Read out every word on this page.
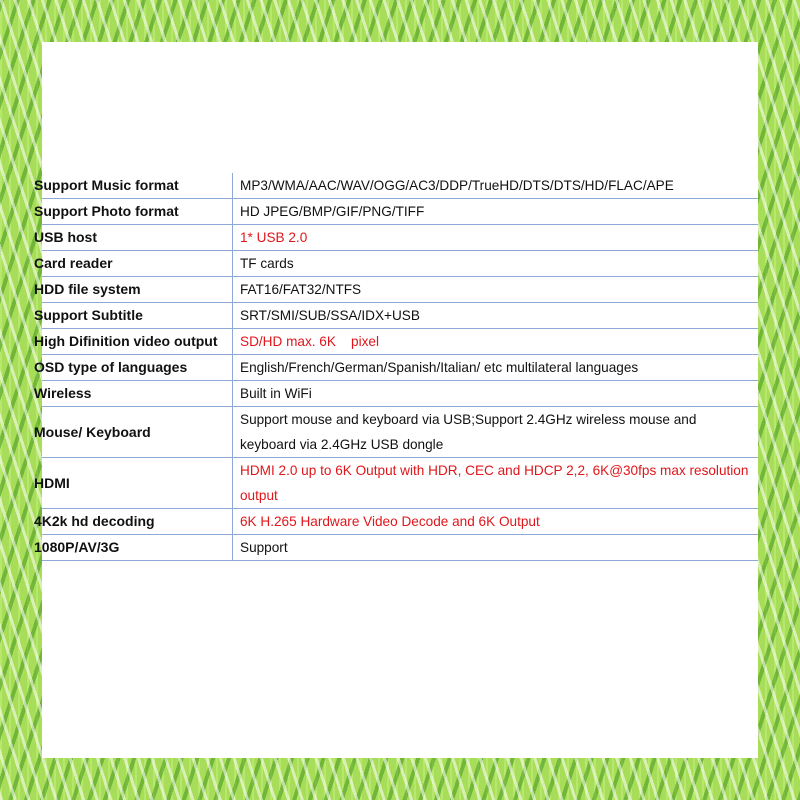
Support Music format	MP3/WMA/AAC/WAV/OGG/AC3/DDP/TrueHD/DTS/DTS/HD/FLAC/APE
Support Photo format	HD JPEG/BMP/GIF/PNG/TIFF
USB host	1* USB 2.0
Card reader	TF cards
HDD file system	FAT16/FAT32/NTFS
Support Subtitle	SRT/SMI/SUB/SSA/IDX+USB
High Difinition video output	SD/HD max. 6K    pixel
OSD type of languages	English/French/German/Spanish/Italian/ etc multilateral languages
Wireless	Built in WiFi
Mouse/ Keyboard	Support mouse and keyboard via USB;Support 2.4GHz wireless mouse and keyboard via 2.4GHz USB dongle
HDMI	HDMI 2.0 up to 6K Output with HDR, CEC and HDCP 2,2, 6K@30fps max resolution output
4K2k hd decoding	6K H.265 Hardware Video Decode and 6K Output
1080P/AV/3G	Support
